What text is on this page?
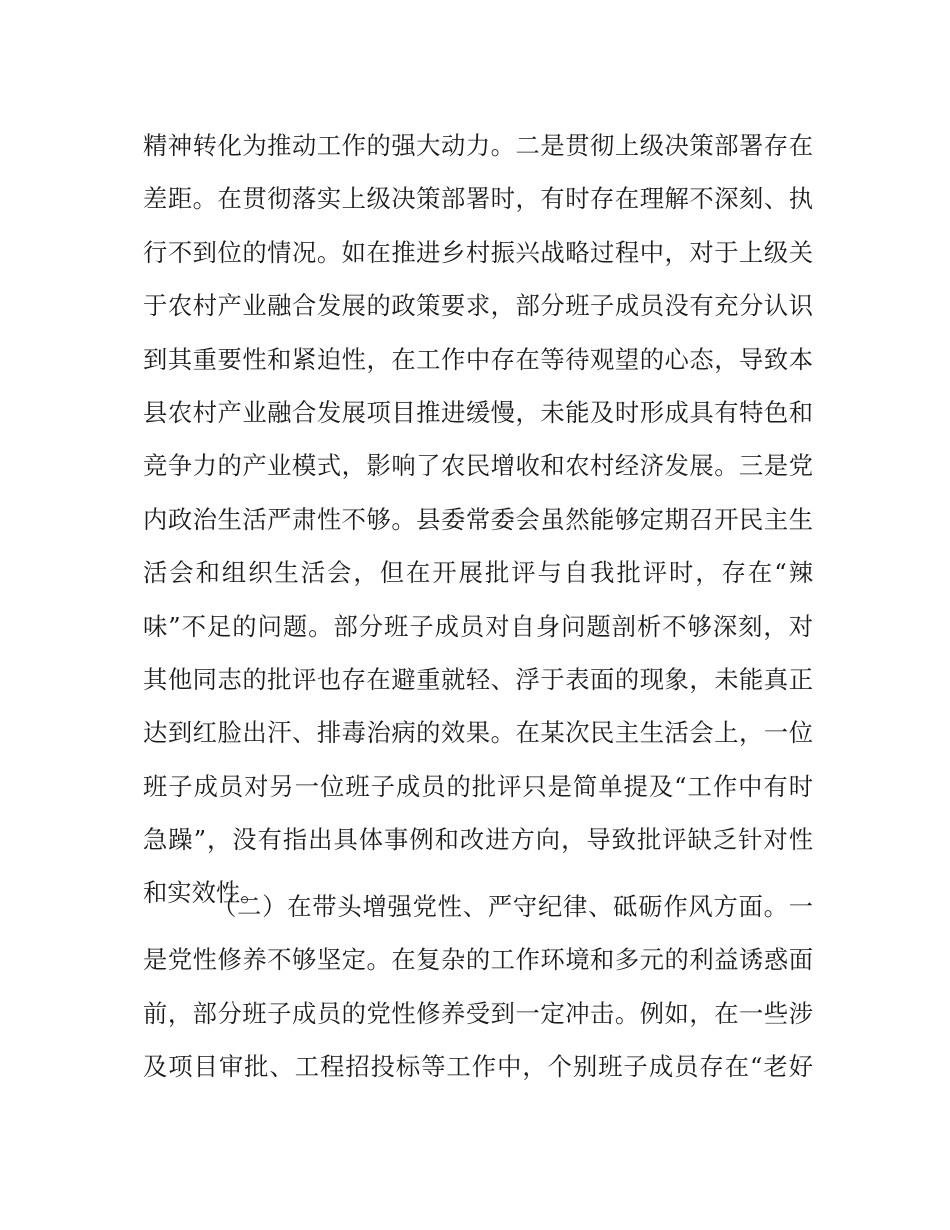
精神转化为推动工作的强大动力。二是贯彻上级决策部署存在
差距。在贯彻落实上级决策部署时，有时存在理解不深刻、执
行不到位的情况。如在推进乡村振兴战略过程中，对于上级关
于农村产业融合发展的政策要求，部分班子成员没有充分认识
到其重要性和紧迫性，在工作中存在等待观望的心态，导致本
县农村产业融合发展项目推进缓慢，未能及时形成具有特色和
竞争力的产业模式，影响了农民增收和农村经济发展。三是党
内政治生活严肃性不够。县委常委会虽然能够定期召开民主生
活会和组织生活会，但在开展批评与自我批评时，存在“辣
味”不足的问题。部分班子成员对自身问题剖析不够深刻，对
其他同志的批评也存在避重就轻、浮于表面的现象，未能真正
达到红脸出汗、排毒治病的效果。在某次民主生活会上，一位
班子成员对另一位班子成员的批评只是简单提及“工作中有时
急躁”，没有指出具体事例和改进方向，导致批评缺乏针对性
和实效性。
（二）在带头增强党性、严守纪律、砥砺作风方面。一
是党性修养不够坚定。在复杂的工作环境和多元的利益诱惑面
前，部分班子成员的党性修养受到一定冲击。例如，在一些涉
及项目审批、工程招投标等工作中，个别班子成员存在“老好
